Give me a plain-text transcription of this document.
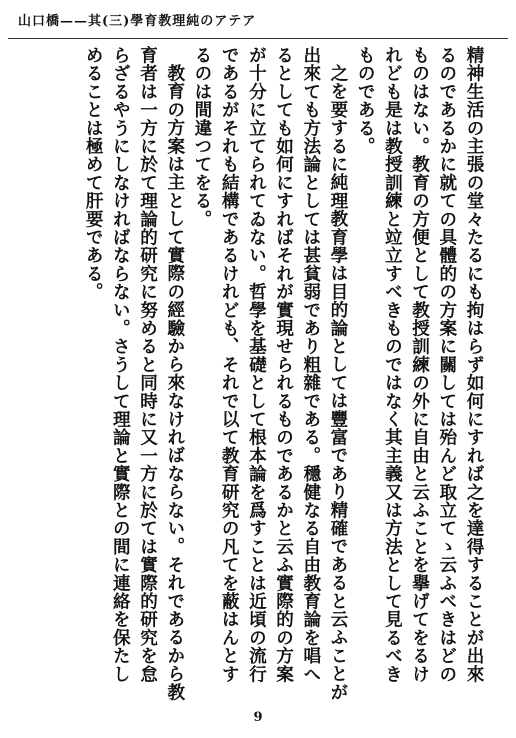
山口橋——其(三)學育教理純のアテア

精神生活の主張の堂々たるにも拘はらず如何にすれば之を達得することが出來るのであるかに就ての具體的の方案に關しては殆んど取立てゝ云ふべきはどのものはない。教育の方便として教授訓練の外に自由と云ふことを擧げてをるけれども是は教授訓練と竝立すべきものではなく其主義又は方法として見るべきものである。

之を要するに純理教育學は目的論としては豐富であり精確であると云ふことが出來ても方法論としては甚貧弱であり粗雜である。穩健なる自由教育論を唱へるとしても如何にすればそれが實現せられるものであるかと云ふ實際的の方案が十分に立てられてゐない。哲學を基礎として根本論を爲すことは近頃の流行であるがそれも結構であるけれども、それで以て教育研究の凡てを蔽はんとするのは間違つてをる。

教育の方案は主として實際の經驗から來なければならない。それであるから教育者は一方に於て理論的研究に努めると同時に又一方に於ては實際的研究を怠らざるやうにしなければならない。さうして理論と實際との間に連絡を保たしめることは極めて肝要である。

9
